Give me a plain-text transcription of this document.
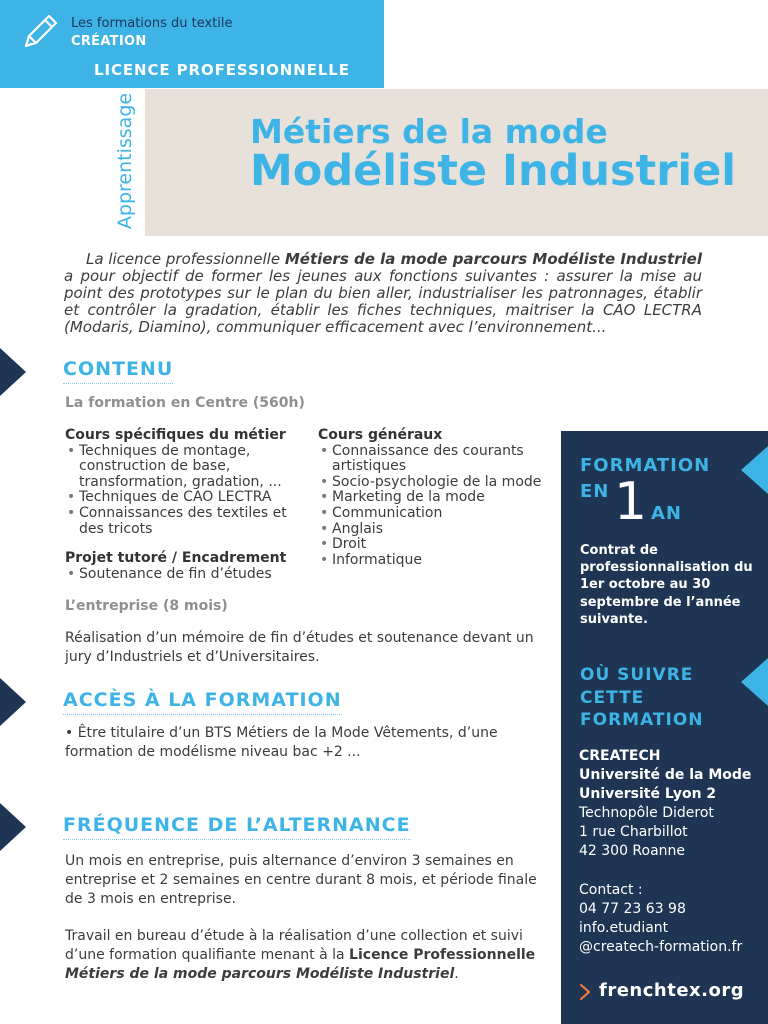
Les formations du textile
CRÉATION
LICENCE PROFESSIONNELLE
Apprentissage	Métiers de la mode
Modéliste Industriel

La licence professionnelle Métiers de la mode parcours Modéliste Industriel a pour objectif de former les jeunes aux fonctions suivantes : assurer la mise au point des prototypes sur le plan du bien aller, industrialiser les patronnages, établir et contrôler la gradation, établir les fiches techniques, maitriser la CAO LECTRA (Modaris, Diamino), communiquer efficacement avec l’environnement...

CONTENU
La formation en Centre (560h)
Cours spécifiques du métier
• Techniques de montage, construction de base, transformation, gradation, ...
• Techniques de CAO LECTRA
• Connaissances des textiles et des tricots
Projet tutoré / Encadrement
• Soutenance de fin d’études
Cours généraux
• Connaissance des courants artistiques
• Socio-psychologie de la mode
• Marketing de la mode
• Communication
• Anglais
• Droit
• Informatique
L’entreprise (8 mois)

Réalisation d’un mémoire de fin d’études et soutenance devant un jury d’Industriels et d’Universitaires.

ACCÈS À LA FORMATION

• Être titulaire d’un BTS Métiers de la Mode Vêtements, d’une formation de modélisme niveau bac +2 ...

FRÉQUENCE DE L’ALTERNANCE

Un mois en entreprise, puis alternance d’environ 3 semaines en entreprise et 2 semaines en centre durant 8 mois, et période finale de 3 mois en entreprise.

Travail en bureau d’étude à la réalisation d’une collection et suivi d’une formation qualifiante menant à la Licence Professionnelle Métiers de la mode parcours Modéliste Industriel.

FORMATION
EN 1 AN
Contrat de professionnalisation du 1er octobre au 30 septembre de l’année suivante.
OÙ SUIVRE CETTE FORMATION
CREATECH
Université de la Mode
Université Lyon 2
Technopôle Diderot
1 rue Charbillot
42 300 Roanne
Contact :
04 77 23 63 98
info.etudiant
@createch-formation.fr
frenchtex.org
